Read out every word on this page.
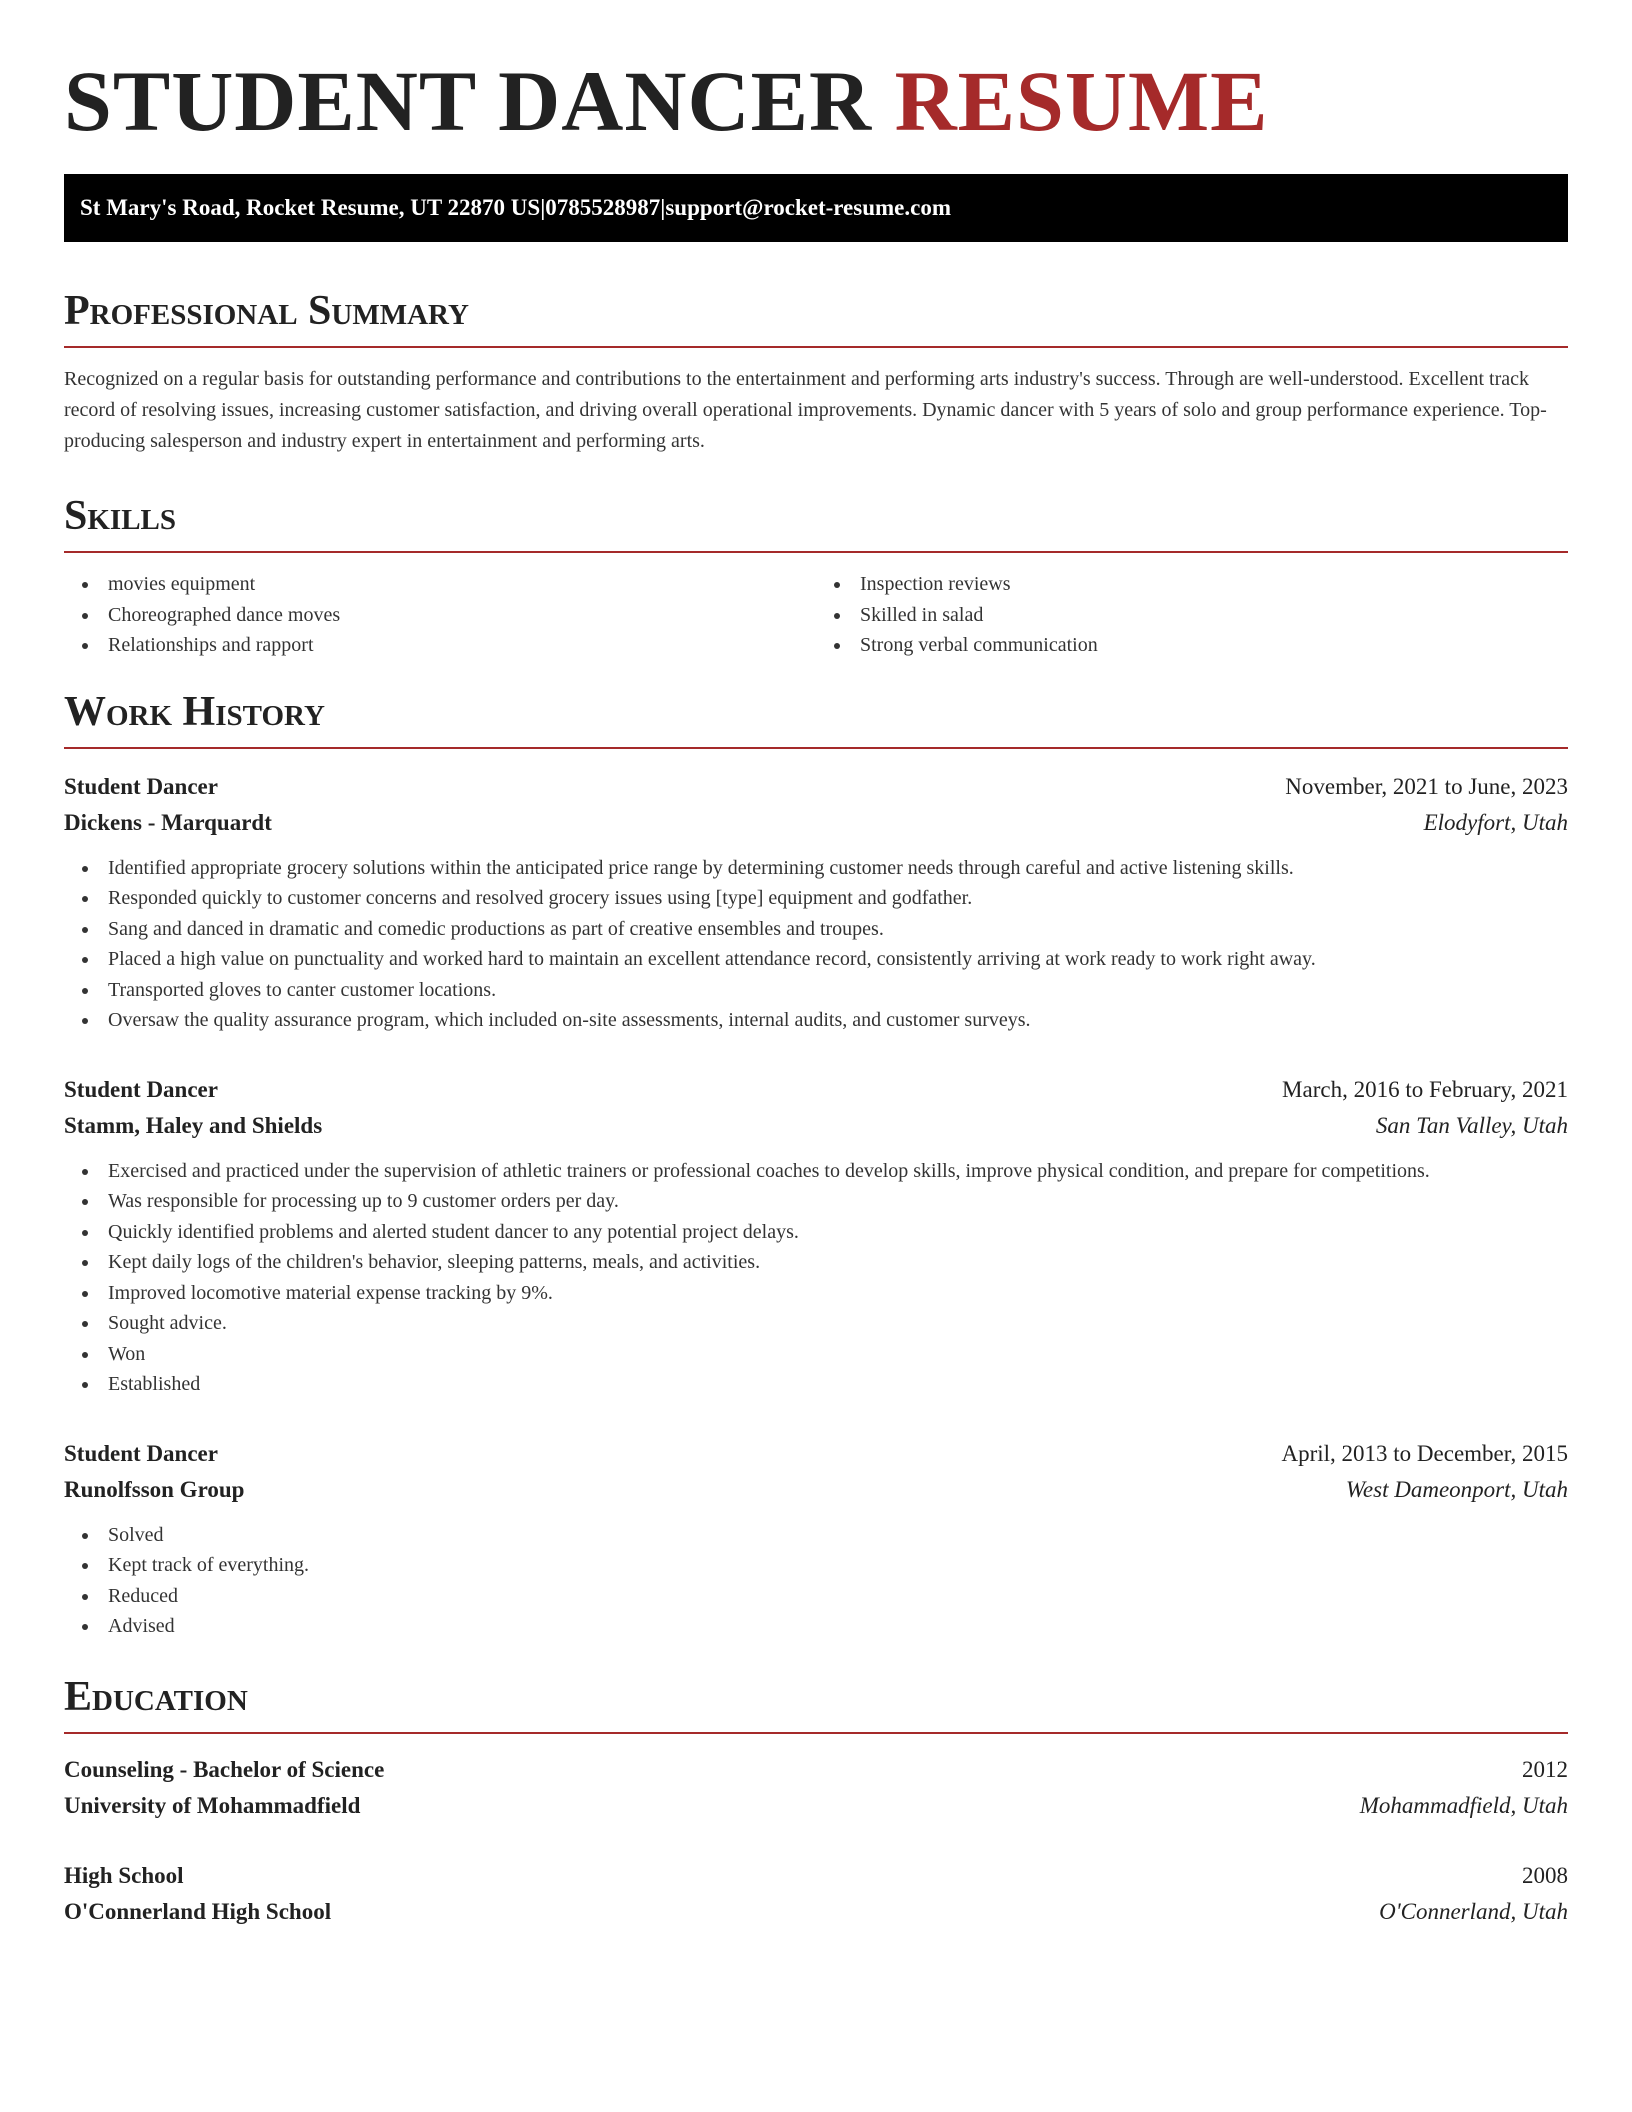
STUDENT DANCER RESUME
St Mary's Road, Rocket Resume, UT 22870 US | 0785528987 | support@rocket-resume.com
Professional Summary

Recognized on a regular basis for outstanding performance and contributions to the entertainment and performing arts industry's success. Through are well-understood. Excellent track record of resolving issues, increasing customer satisfaction, and driving overall operational improvements. Dynamic dancer with 5 years of solo and group performance experience. Top-producing salesperson and industry expert in entertainment and performing arts.

Skills
movies equipment
Choreographed dance moves
Relationships and rapport
Inspection reviews
Skilled in salad
Strong verbal communication
Work History
Student Dancer	November, 2021 to June, 2023
Dickens - Marquardt	Elodyfort, Utah
Identified appropriate grocery solutions within the anticipated price range by determining customer needs through careful and active listening skills.
Responded quickly to customer concerns and resolved grocery issues using [type] equipment and godfather.
Sang and danced in dramatic and comedic productions as part of creative ensembles and troupes.
Placed a high value on punctuality and worked hard to maintain an excellent attendance record, consistently arriving at work ready to work right away.
Transported gloves to canter customer locations.
Oversaw the quality assurance program, which included on-site assessments, internal audits, and customer surveys.
Student Dancer	March, 2016 to February, 2021
Stamm, Haley and Shields	San Tan Valley, Utah
Exercised and practiced under the supervision of athletic trainers or professional coaches to develop skills, improve physical condition, and prepare for competitions.
Was responsible for processing up to 9 customer orders per day.
Quickly identified problems and alerted student dancer to any potential project delays.
Kept daily logs of the children's behavior, sleeping patterns, meals, and activities.
Improved locomotive material expense tracking by 9%.
Sought advice.
Won
Established
Student Dancer	April, 2013 to December, 2015
Runolfsson Group	West Dameonport, Utah
Solved
Kept track of everything.
Reduced
Advised
Education
Counseling - Bachelor of Science	2012
University of Mohammadfield	Mohammadfield, Utah
High School	2008
O'Connerland High School	O'Connerland, Utah
